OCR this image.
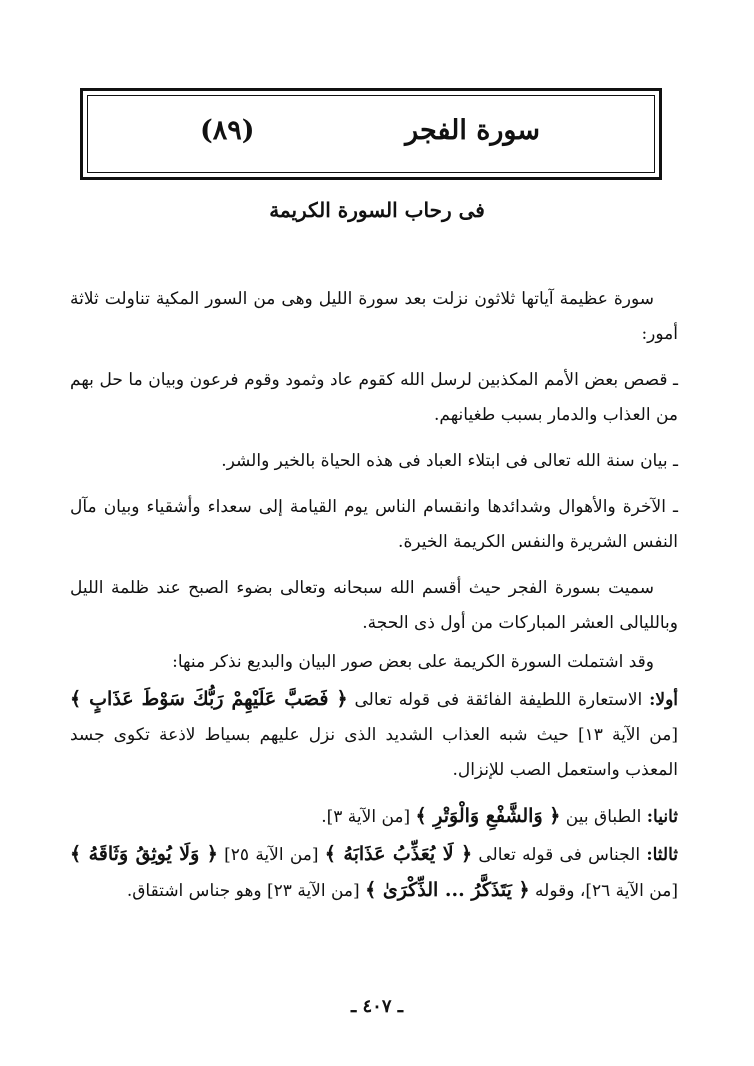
سورة الفجر
(٨٩)
فى رحاب السورة الكريمة

سورة عظيمة آياتها ثلاثون نزلت بعد سورة الليل وهى من السور المكية تناولت ثلاثة أمور:

ـ قصص بعض الأمم المكذبين لرسل الله كقوم عاد وثمود وقوم فرعون وبيان ما حل بهم من العذاب والدمار بسبب طغيانهم.

ـ بيان سنة الله تعالى فى ابتلاء العباد فى هذه الحياة بالخير والشر.

ـ الآخرة والأهوال وشدائدها وانقسام الناس يوم القيامة إلى سعداء وأشقياء وبيان مآل النفس الشريرة والنفس الكريمة الخيرة.

سميت بسورة الفجر حيث أقسم الله سبحانه وتعالى بضوء الصبح عند ظلمة الليل وبالليالى العشر المباركات من أول ذى الحجة.

وقد اشتملت السورة الكريمة على بعض صور البيان والبديع نذكر منها:

أولا: الاستعارة اللطيفة الفائقة فى قوله تعالى ﴿ فَصَبَّ عَلَيْهِمْ رَبُّكَ سَوْطَ عَذَابٍ ﴾ [من الآية ١٣] حيث شبه العذاب الشديد الذى نزل عليهم بسياط لاذعة تكوى جسد المعذب واستعمل الصب للإنزال.

ثانيا: الطباق بين ﴿ وَالشَّفْعِ وَالْوَتْرِ ﴾ [من الآية ٣].

ثالثا: الجناس فى قوله تعالى ﴿ لَا يُعَذِّبُ عَذَابَهُ ﴾ [من الآية ٢٥] ﴿ وَلَا يُوثِقُ وَثَاقَهُ ﴾ [من الآية ٢٦]، وقوله ﴿ يَتَذَكَّرُ ... الذِّكْرَىٰ ﴾ [من الآية ٢٣] وهو جناس اشتقاق.

ـ ٤٠٧ ـ
